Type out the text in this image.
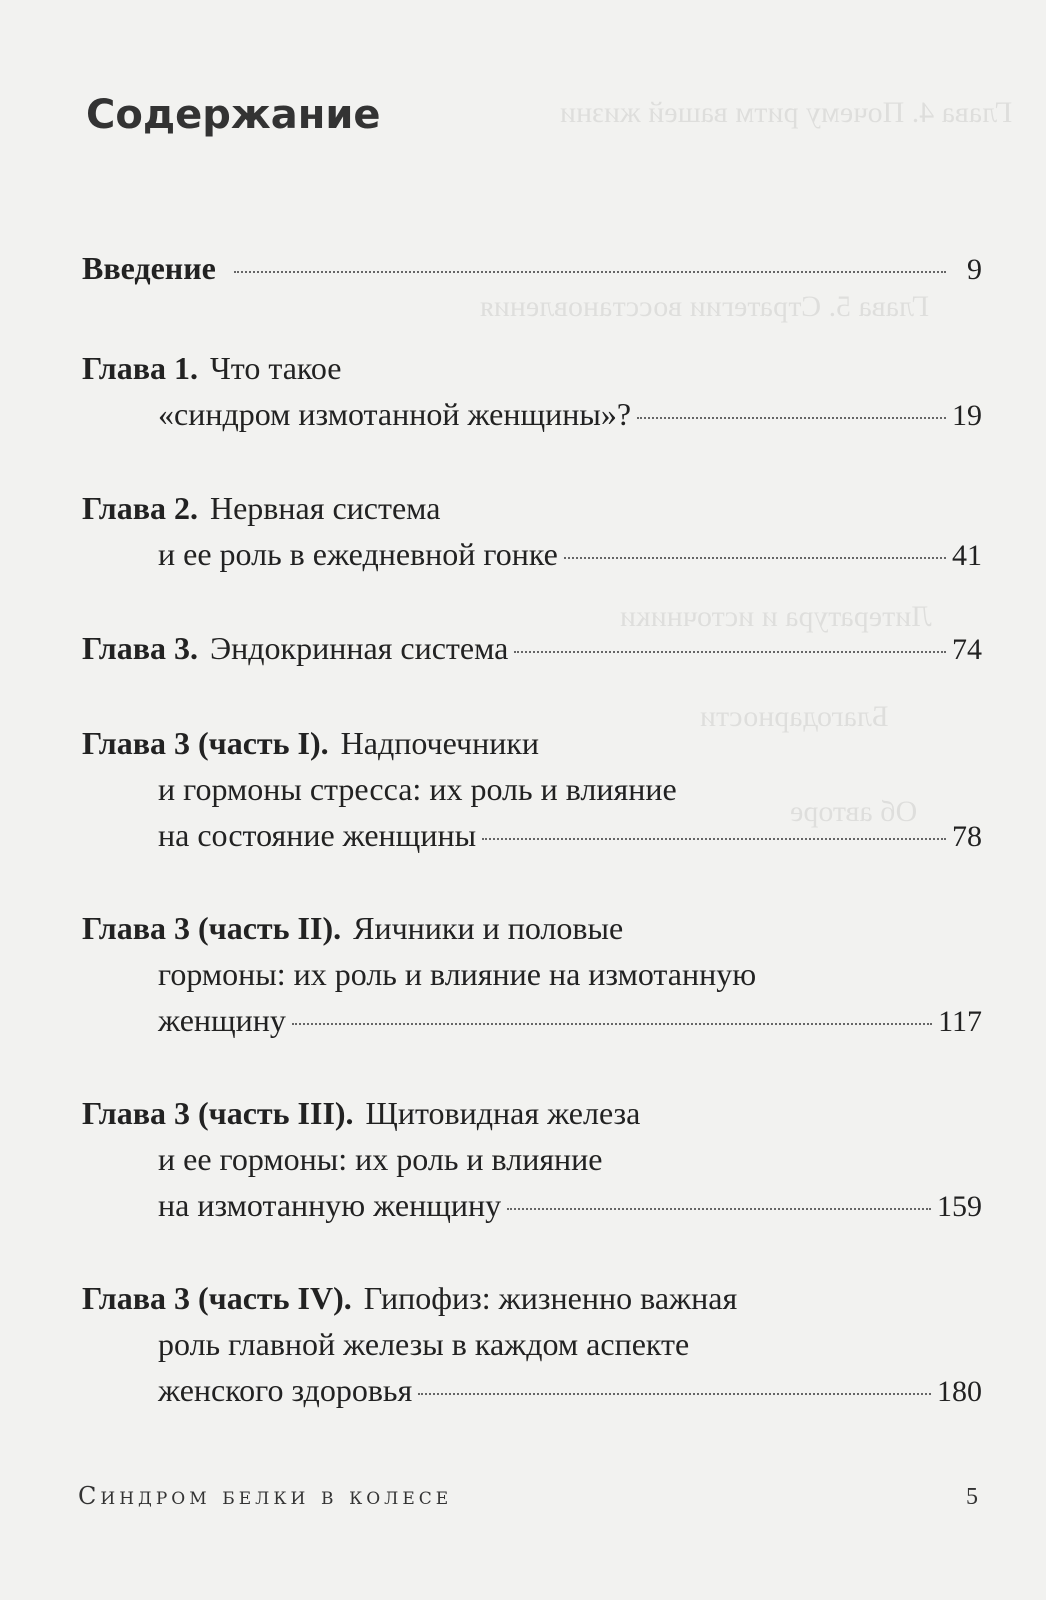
Глава 4. Почему ритм вашей жизни
Глава 5. Стратегии восстановления
Литература и источники
Благодарности
Об авторе
Содержание
Введение	9
Глава 1. Что такое
«синдром измотанной женщины»?	19
Глава 2. Нервная система
и ее роль в ежедневной гонке	41
Глава 3. Эндокринная система	74
Глава 3 (часть I). Надпочечники
и гормоны стресса: их роль и влияние
на состояние женщины	78
Глава 3 (часть II). Яичники и половые
гормоны: их роль и влияние на измотанную
женщину	117
Глава 3 (часть III). Щитовидная железа
и ее гормоны: их роль и влияние
на измотанную женщину	159
Глава 3 (часть IV). Гипофиз: жизненно важная
роль главной железы в каждом аспекте
женского здоровья	180
Синдром белки в колесе	5
